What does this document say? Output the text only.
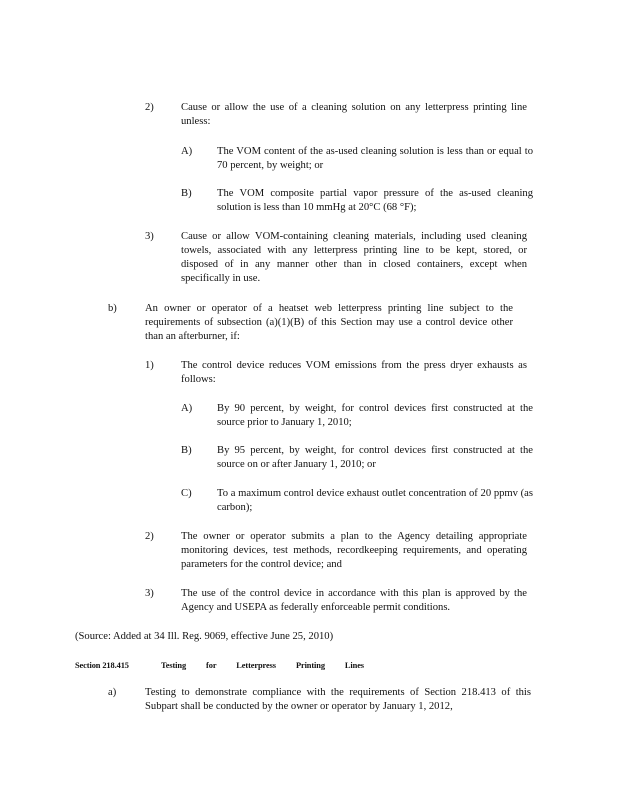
2)	Cause or allow the use of a cleaning solution on any letterpress printing line unless:
A) The VOM content of the as-used cleaning solution is less than or equal to 70 percent, by weight; or
B) The VOM composite partial vapor pressure of the as-used cleaning solution is less than 10 mmHg at 20°C (68 °F);
3)	Cause or allow VOM-containing cleaning materials, including used cleaning towels, associated with any letterpress printing line to be kept, stored, or disposed of in any manner other than in closed containers, except when specifically in use.
b)	An owner or operator of a heatset web letterpress printing line subject to the requirements of subsection (a)(1)(B) of this Section may use a control device other than an afterburner, if:
1)	The control device reduces VOM emissions from the press dryer exhausts as follows:
A) By 90 percent, by weight, for control devices first constructed at the source prior to January 1, 2010;
B) By 95 percent, by weight, for control devices first constructed at the source on or after January 1, 2010; or
C) To a maximum control device exhaust outlet concentration of 20 ppmv (as carbon);
2)	The owner or operator submits a plan to the Agency detailing appropriate monitoring devices, test methods, recordkeeping requirements, and operating parameters for the control device; and
3)	The use of the control device in accordance with this plan is approved by the Agency and USEPA as federally enforceable permit conditions.
(Source: Added at 34 Ill. Reg. 9069, effective June 25, 2010)
Section 218.415	Testing for Letterpress Printing Lines
a)	Testing to demonstrate compliance with the requirements of Section 218.413 of this Subpart shall be conducted by the owner or operator by January 1, 2012,
